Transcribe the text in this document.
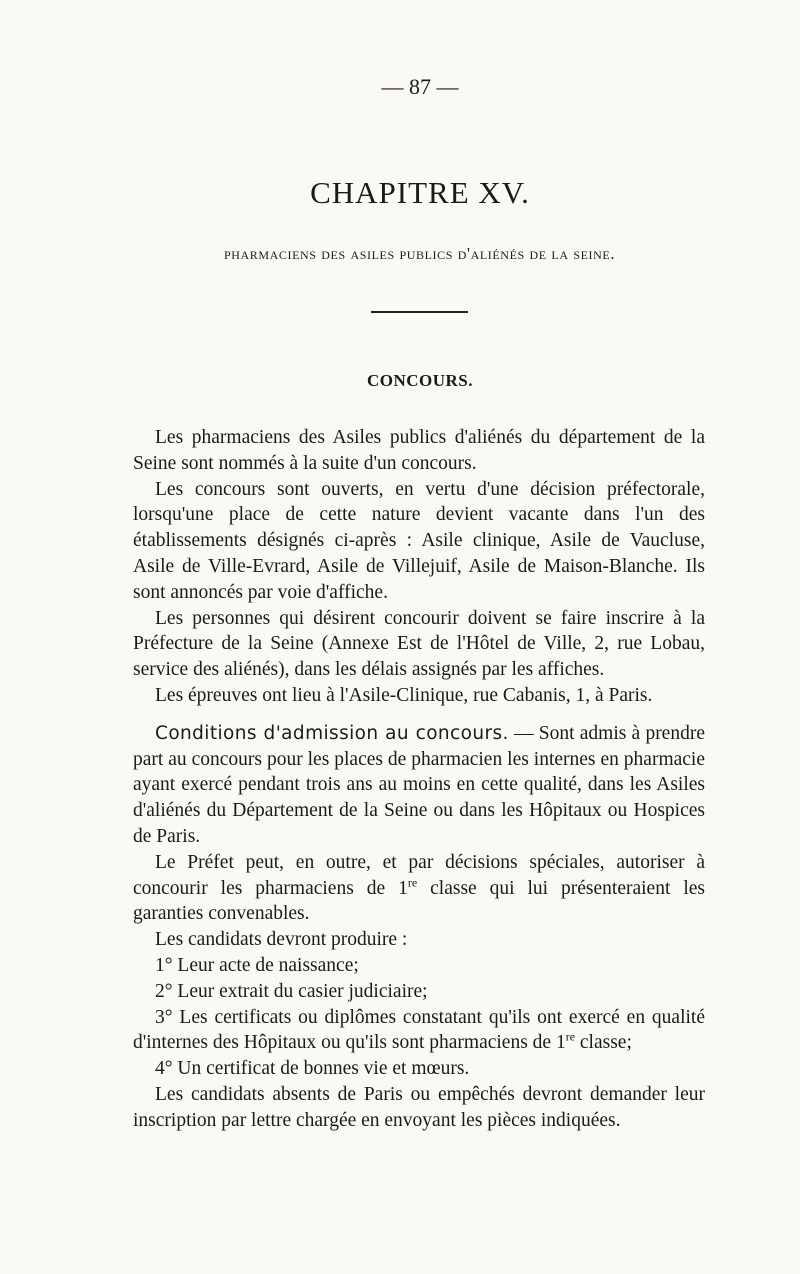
— 87 —
CHAPITRE XV.
pharmaciens des asiles publics d'aliénés de la seine.
CONCOURS.

Les pharmaciens des Asiles publics d'aliénés du département de la Seine sont nommés à la suite d'un concours.

Les concours sont ouverts, en vertu d'une décision préfectorale, lorsqu'une place de cette nature devient vacante dans l'un des établissements désignés ci-après : Asile clinique, Asile de Vaucluse, Asile de Ville-Evrard, Asile de Villejuif, Asile de Maison-Blanche. Ils sont annoncés par voie d'affiche.

Les personnes qui désirent concourir doivent se faire inscrire à la Préfecture de la Seine (Annexe Est de l'Hôtel de Ville, 2, rue Lobau, service des aliénés), dans les délais assignés par les affiches.

Les épreuves ont lieu à l'Asile-Clinique, rue Cabanis, 1, à Paris.

Conditions d'admission au concours. — Sont admis à prendre part au concours pour les places de pharmacien les internes en pharmacie ayant exercé pendant trois ans au moins en cette qualité, dans les Asiles d'aliénés du Département de la Seine ou dans les Hôpitaux ou Hospices de Paris.

Le Préfet peut, en outre, et par décisions spéciales, autoriser à concourir les pharmaciens de 1re classe qui lui présenteraient les garanties convenables.

Les candidats devront produire :

1° Leur acte de naissance;

2° Leur extrait du casier judiciaire;

3° Les certificats ou diplômes constatant qu'ils ont exercé en qualité d'internes des Hôpitaux ou qu'ils sont pharmaciens de 1re classe;

4° Un certificat de bonnes vie et mœurs.

Les candidats absents de Paris ou empêchés devront demander leur inscription par lettre chargée en envoyant les pièces indiquées.
